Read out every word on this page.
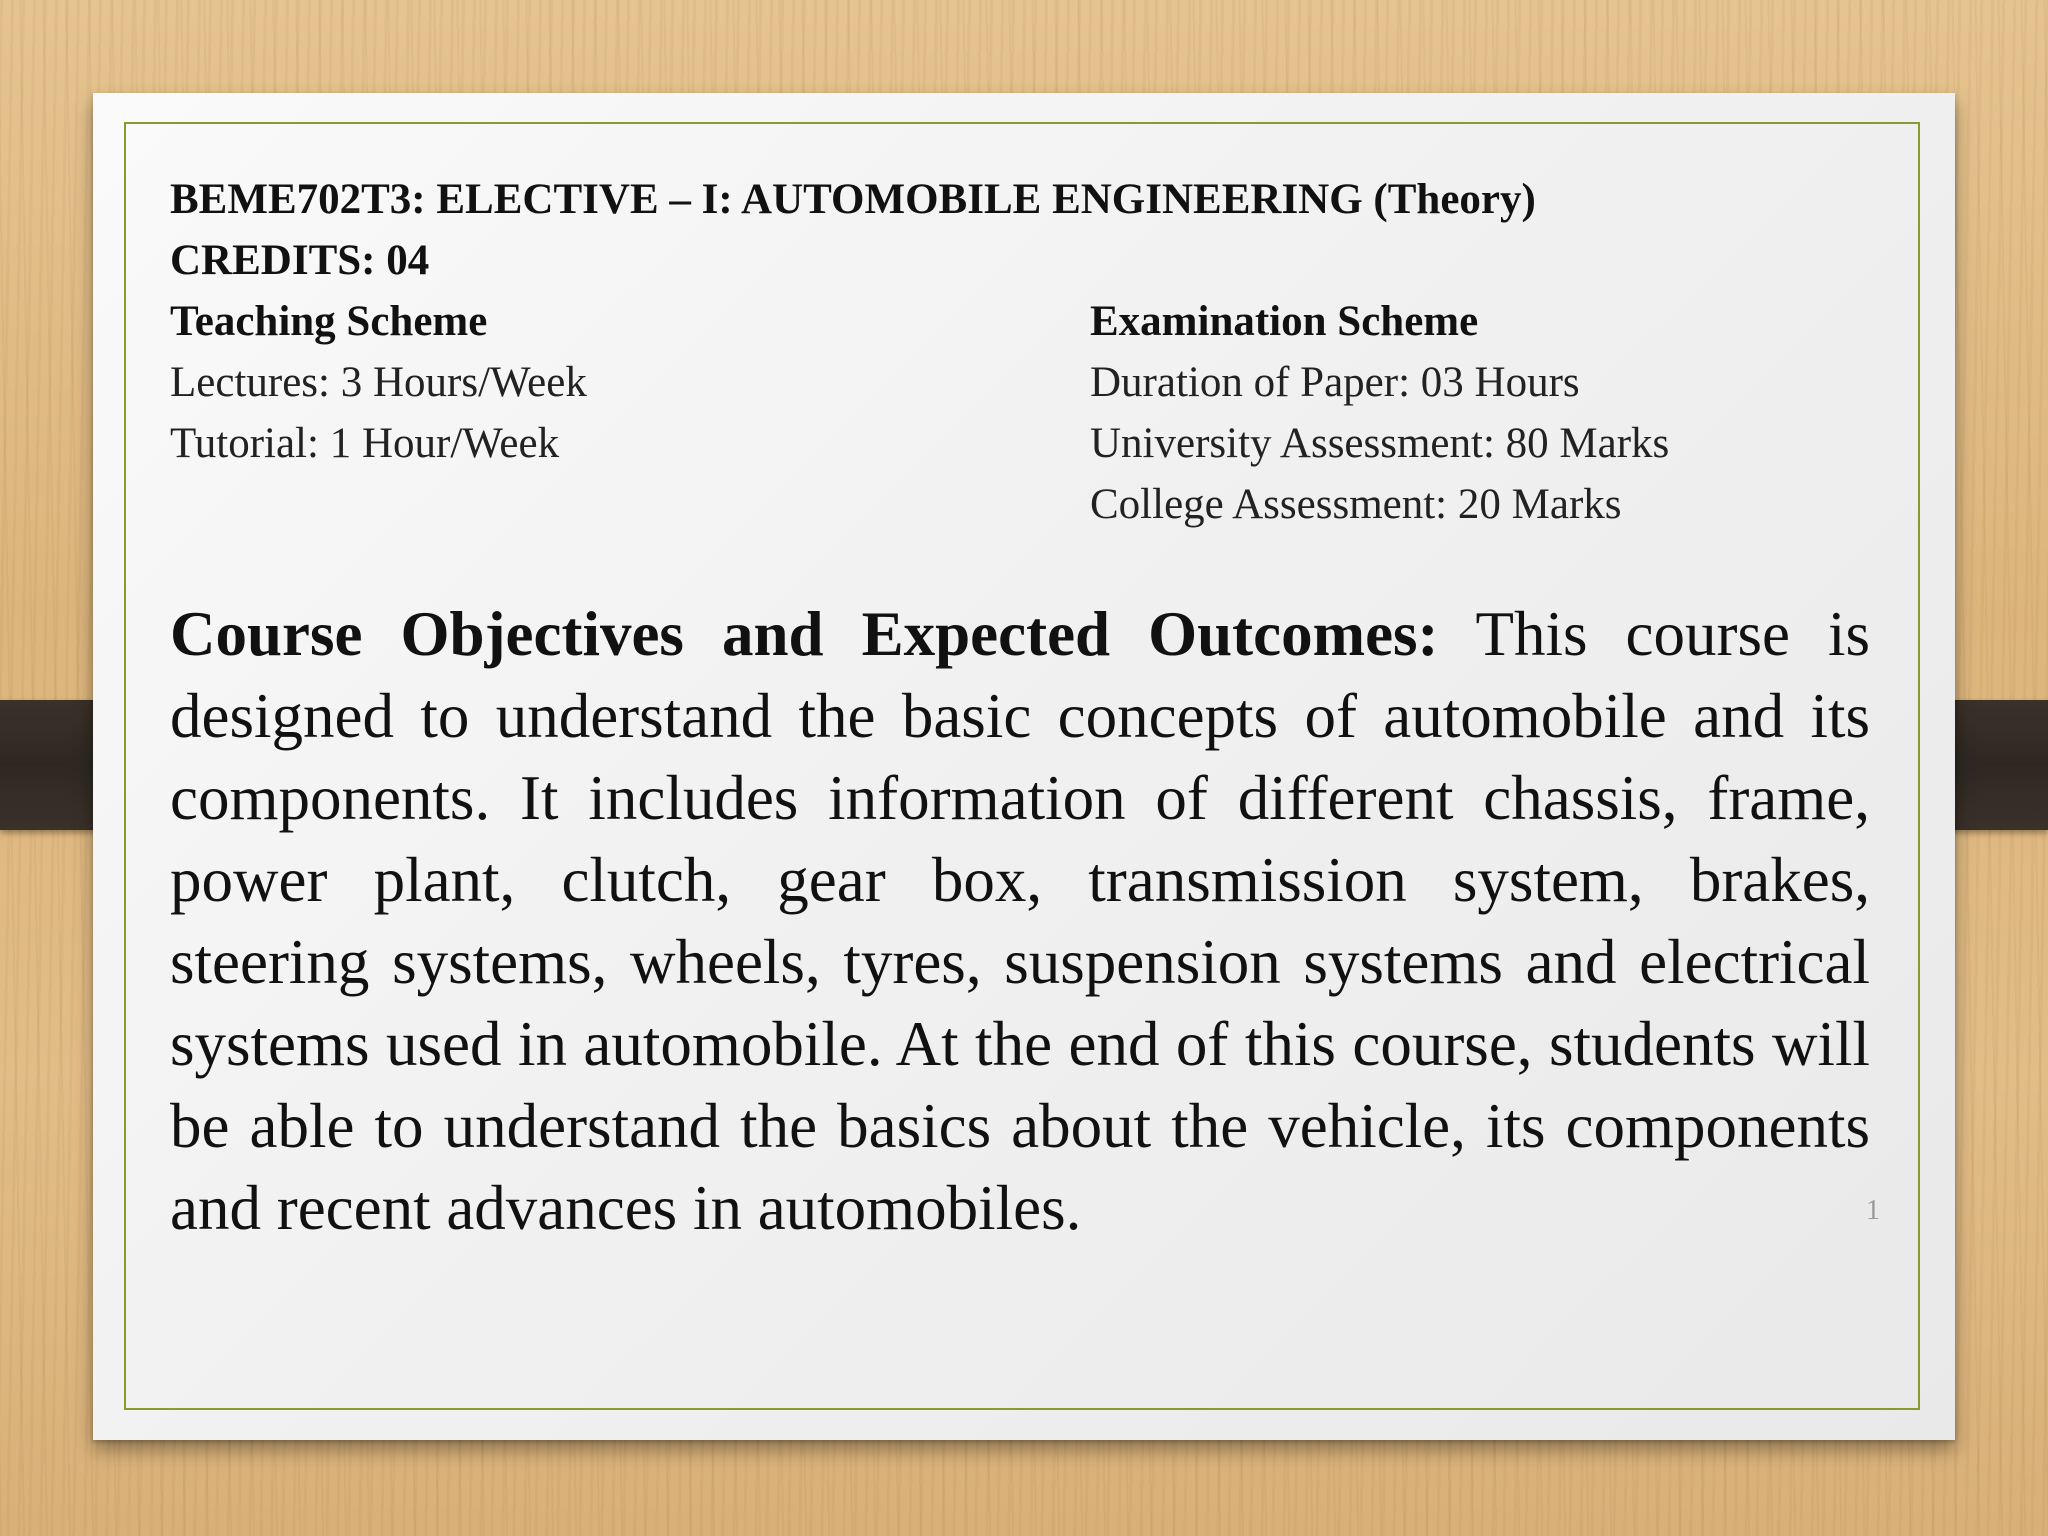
BEME702T3: ELECTIVE – I: AUTOMOBILE ENGINEERING (Theory)
CREDITS: 04
Teaching Scheme
Lectures: 3 Hours/Week
Tutorial: 1 Hour/Week
Examination Scheme
Duration of Paper: 03 Hours
University Assessment: 80 Marks
College Assessment: 20 Marks
Course Objectives and Expected Outcomes: This course is designed to understand the basic concepts of automobile and its components. It includes information of different chassis, frame, power plant, clutch, gear box, transmission system, brakes, steering systems, wheels, tyres, suspension systems and electrical systems used in automobile. At the end of this course, students will be able to understand the basics about the vehicle, its components and recent advances in automobiles.	1
